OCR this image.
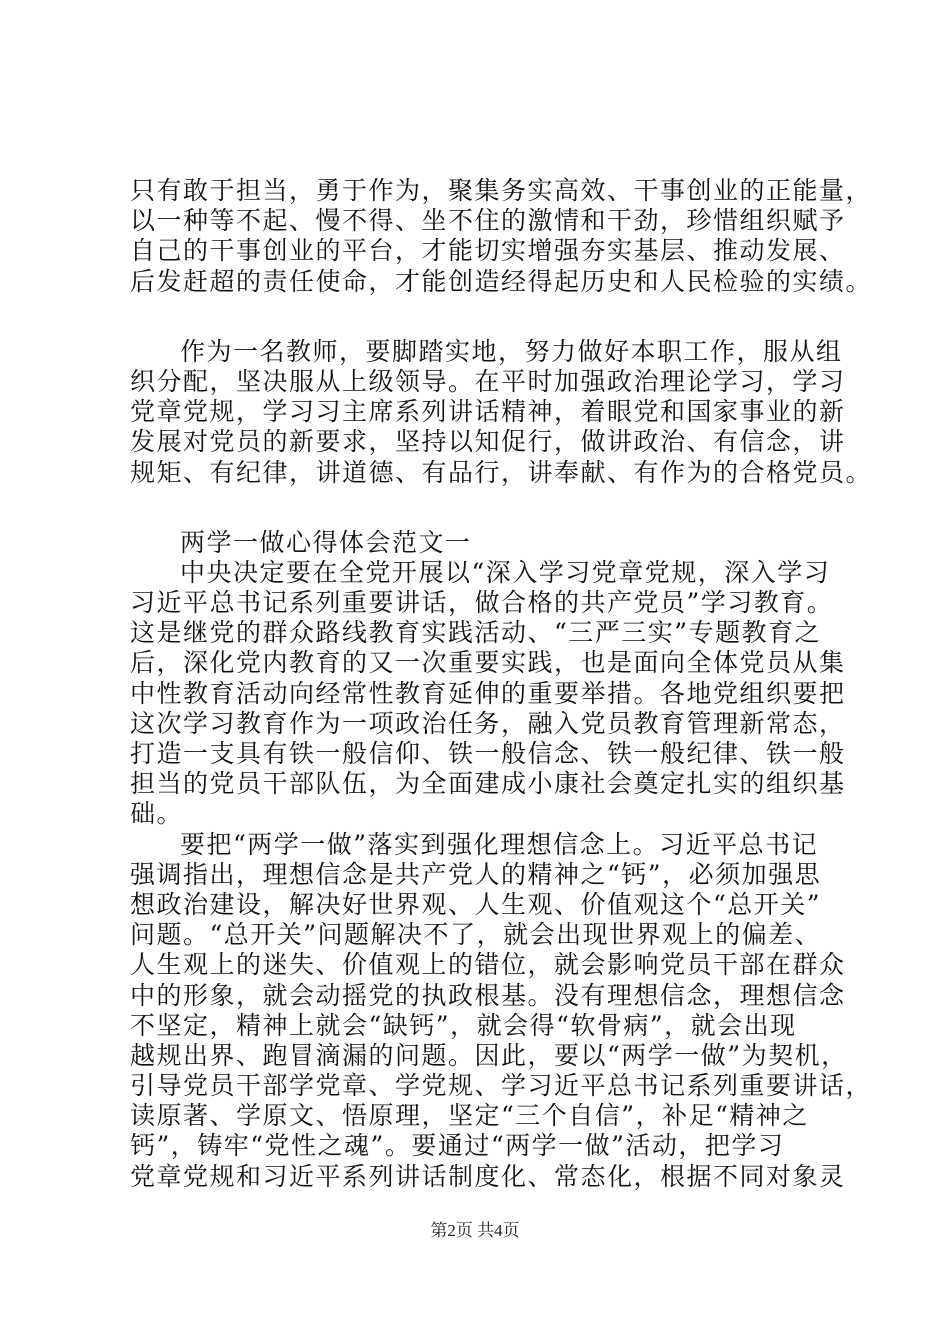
只有敢于担当，勇于作为，聚集务实高效、干事创业的正能量，
以一种等不起、慢不得、坐不住的激情和干劲，珍惜组织赋予
自己的干事创业的平台，才能切实增强夯实基层、推动发展、
后发赶超的责任使命，才能创造经得起历史和人民检验的实绩。
作为一名教师，要脚踏实地，努力做好本职工作，服从组
织分配，坚决服从上级领导。在平时加强政治理论学习，学习
党章党规，学习习主席系列讲话精神，着眼党和国家事业的新
发展对党员的新要求，坚持以知促行，做讲政治、有信念，讲
规矩、有纪律，讲道德、有品行，讲奉献、有作为的合格党员。
两学一做心得体会范文一
中央决定要在全党开展以“深入学习党章党规，深入学习
习近平总书记系列重要讲话，做合格的共产党员”学习教育。
这是继党的群众路线教育实践活动、“三严三实”专题教育之
后，深化党内教育的又一次重要实践，也是面向全体党员从集
中性教育活动向经常性教育延伸的重要举措。各地党组织要把
这次学习教育作为一项政治任务，融入党员教育管理新常态，
打造一支具有铁一般信仰、铁一般信念、铁一般纪律、铁一般
担当的党员干部队伍，为全面建成小康社会奠定扎实的组织基
础。
要把“两学一做”落实到强化理想信念上。习近平总书记
强调指出，理想信念是共产党人的精神之“钙”，必须加强思
想政治建设，解决好世界观、人生观、价值观这个“总开关”
问题。“总开关”问题解决不了，就会出现世界观上的偏差、
人生观上的迷失、价值观上的错位，就会影响党员干部在群众
中的形象，就会动摇党的执政根基。没有理想信念，理想信念
不坚定，精神上就会“缺钙”，就会得“软骨病”，就会出现
越规出界、跑冒滴漏的问题。因此，要以“两学一做”为契机，
引导党员干部学党章、学党规、学习近平总书记系列重要讲话，
读原著、学原文、悟原理，坚定“三个自信”，补足“精神之
钙”，铸牢“党性之魂”。要通过“两学一做”活动，把学习
党章党规和习近平系列讲话制度化、常态化，根据不同对象灵
第2页 共4页
